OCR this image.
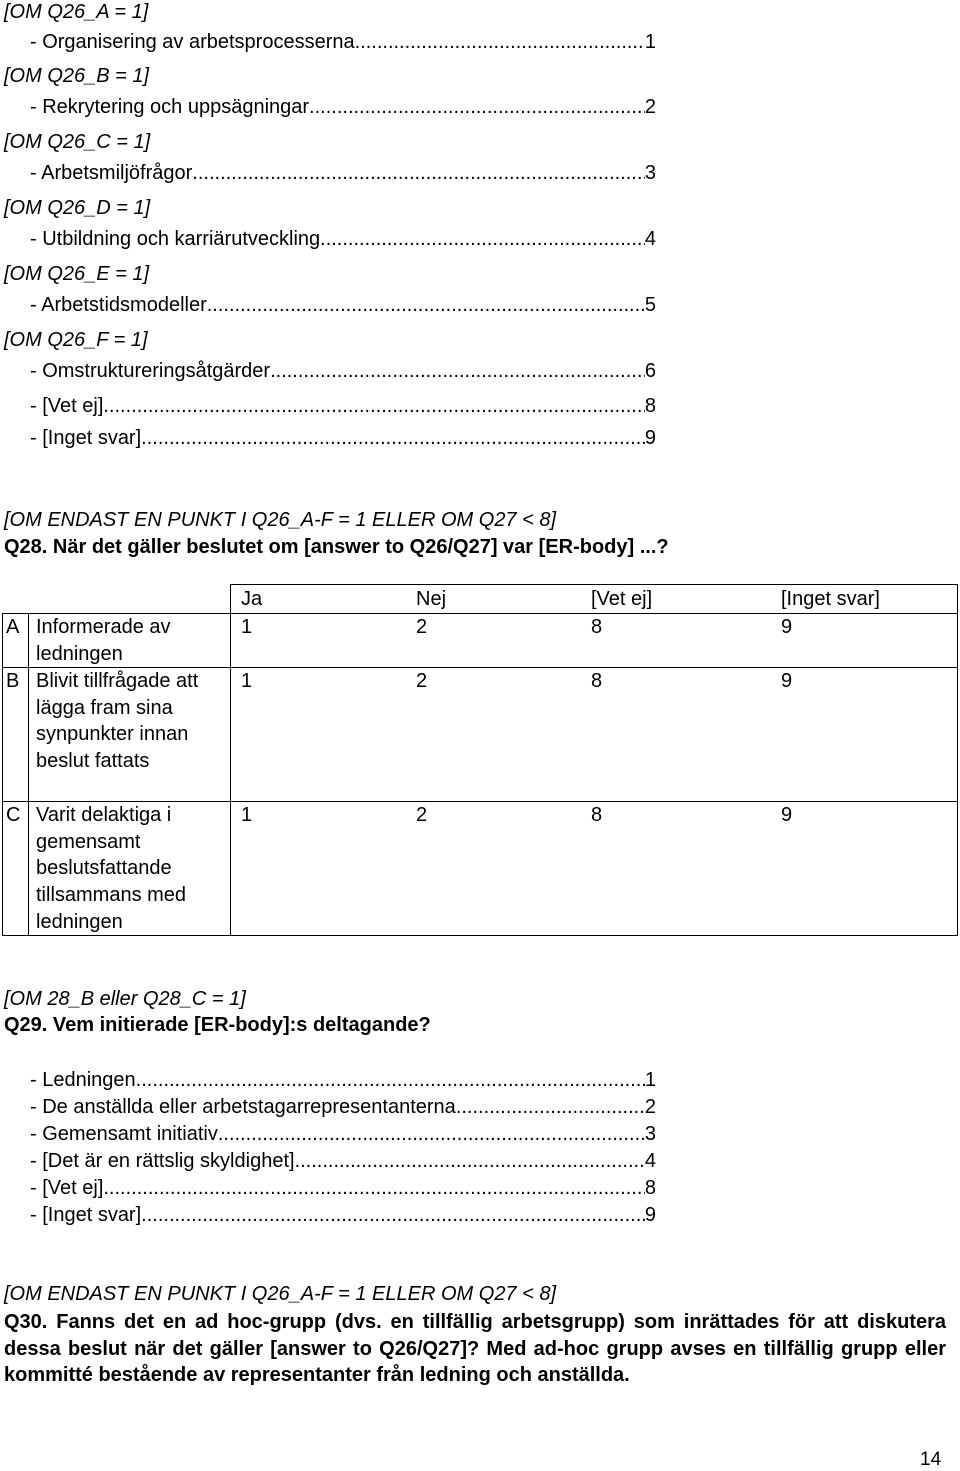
[OM Q26_A = 1]
- Organisering av arbetsprocesserna. .....	1
[OM Q26_B = 1]
- Rekrytering och uppsägningar .....	2
[OM Q26_C = 1]
- Arbetsmiljöfrågor .....	3
[OM Q26_D = 1]
- Utbildning och karriärutveckling .....	4
[OM Q26_E = 1]
- Arbetstidsmodeller .....	5
[OM Q26_F = 1]
- Omstruktureringsåtgärder .....	6
- [Vet ej] .....	8
- [Inget svar] .....	9
[OM ENDAST EN PUNKT I Q26_A-F = 1 ELLER OM Q27 < 8]
Q28. När det gäller beslutet om [answer to Q26/Q27] var [ER-body] ...?

		Ja Nej [Vet ej] [Inget svar]

A	Informerade av ledningen	1 2 8 9

B	Blivit tillfrågade att lägga fram sina synpunkter innan beslut fattats	1 2 8 9

C	Varit delaktiga i gemensamt beslutsfattande tillsammans med ledningen	1 2 8 9
[OM 28_B eller Q28_C = 1]
Q29. Vem initierade [ER-body]:s deltagande?
- Ledningen .....	1
- De anställda eller arbetstagarrepresentanterna .....	2
- Gemensamt initiativ .....	3
- [Det är en rättslig skyldighet] .....	4
- [Vet ej] .....	8
- [Inget svar] .....	9
[OM ENDAST EN PUNKT I Q26_A-F = 1 ELLER OM Q27 < 8]
Q30. Fanns det en ad hoc-grupp (dvs. en tillfällig arbetsgrupp) som inrättades för att diskutera dessa beslut när det gäller [answer to Q26/Q27]? Med ad-hoc grupp avses en tillfällig grupp eller kommitté bestående av representanter från ledning och anställda.
14
